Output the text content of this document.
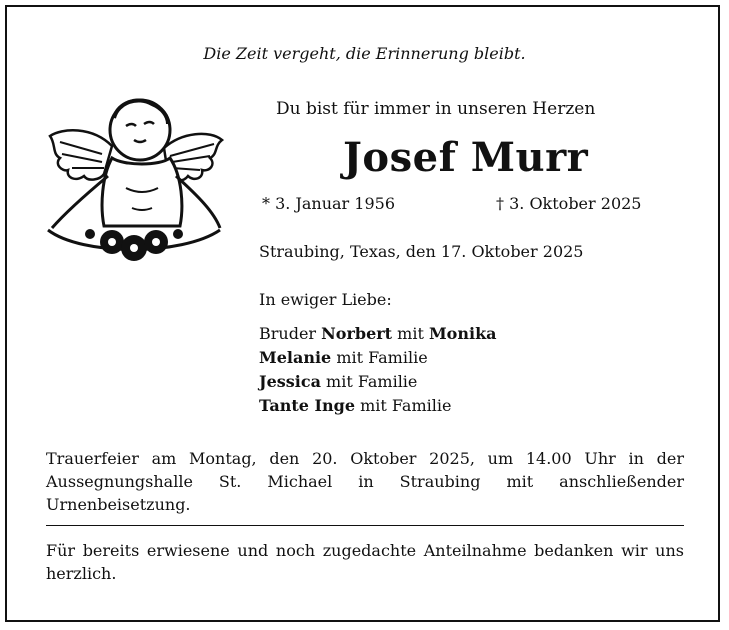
Die Zeit vergeht, die Erinnerung bleibt.
Du bist für immer in unseren Herzen
Josef Murr
* 3. Januar 1956	† 3. Oktober 2025
Straubing, Texas, den 17. Oktober 2025
In ewiger Liebe:
Bruder Norbert mit Monika
Melanie mit Familie
Jessica mit Familie
Tante Inge mit Familie
Trauerfeier am Montag, den 20. Oktober 2025, um 14.00 Uhr in der Aussegnungshalle St. Michael in Straubing mit anschließender Urnenbeisetzung.
Für bereits erwiesene und noch zugedachte Anteilnahme bedanken wir uns herzlich.
